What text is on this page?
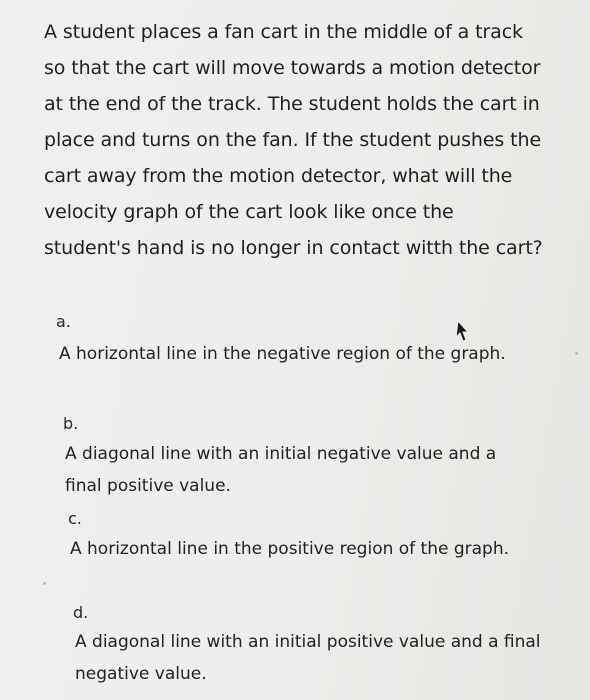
A student places a fan cart in the middle of a track so that the cart will move towards a motion detector at the end of the track. The student holds the cart in place and turns on the fan. If the student pushes the cart away from the motion detector, what will the velocity graph of the cart look like once the student's hand is no longer in contact witth the cart?

a.

A horizontal line in the negative region of the graph.

b.

A diagonal line with an initial negative value and a final positive value.

c.

A horizontal line in the positive region of the graph.

d.

A diagonal line with an initial positive value and a final negative value.
